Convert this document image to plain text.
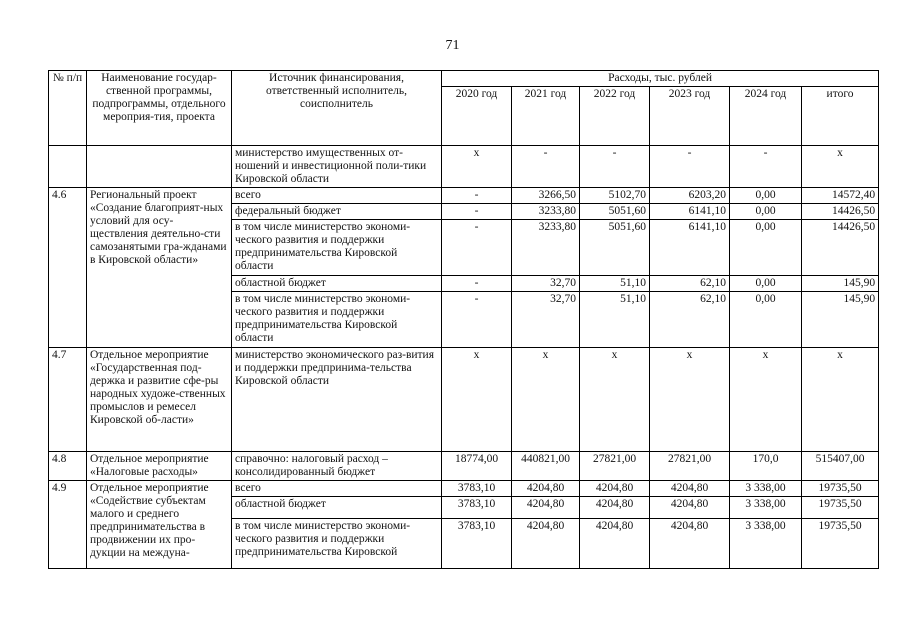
71
№ п/п	Наименование государ-ственной программы, подпрограммы, отдельного мероприя-тия, проекта	Источник финансирования, ответственный исполнитель, соисполнитель	Расходы, тыс. рублей					
			2020 год	2021 год	2022 год	2023 год	2024 год	итого
		министерство имущественных от-ношений и инвестиционной поли-тики Кировской области	х	-	-	-	-	х
4.6	Региональный проект «Создание благоприят-ных условий для осу-ществления деятельно-сти самозанятыми гра-жданами в Кировской области»	всего	-	3266,50	5102,70	6203,20	0,00	14572,40
		федеральный бюджет	-	3233,80	5051,60	6141,10	0,00	14426,50
		в том числе министерство экономи-ческого развития и поддержки предпринимательства Кировской области	-	3233,80	5051,60	6141,10	0,00	14426,50
		областной бюджет	-	32,70	51,10	62,10	0,00	145,90
		в том числе министерство экономи-ческого развития и поддержки предпринимательства Кировской области	-	32,70	51,10	62,10	0,00	145,90
4.7	Отдельное мероприятие «Государственная под-держка и развитие сфе-ры народных художе-ственных промыслов и ремесел Кировской об-ласти»	министерство экономического раз-вития и поддержки предпринима-тельства Кировской области	х	х	х	х	х	х
4.8	Отдельное мероприятие «Налоговые расходы»	справочно: налоговый расход – консолидированный бюджет	18774,00	440821,00	27821,00	27821,00	170,0	515407,00
4.9	Отдельное мероприятие «Содействие субъектам малого и среднего предпринимательства в продвижении их про-дукции на междуна-	всего	3783,10	4204,80	4204,80	4204,80	3 338,00	19735,50
		областной бюджет	3783,10	4204,80	4204,80	4204,80	3 338,00	19735,50
		в том числе министерство экономи-ческого развития и поддержки предпринимательства Кировской	3783,10	4204,80	4204,80	4204,80	3 338,00	19735,50
